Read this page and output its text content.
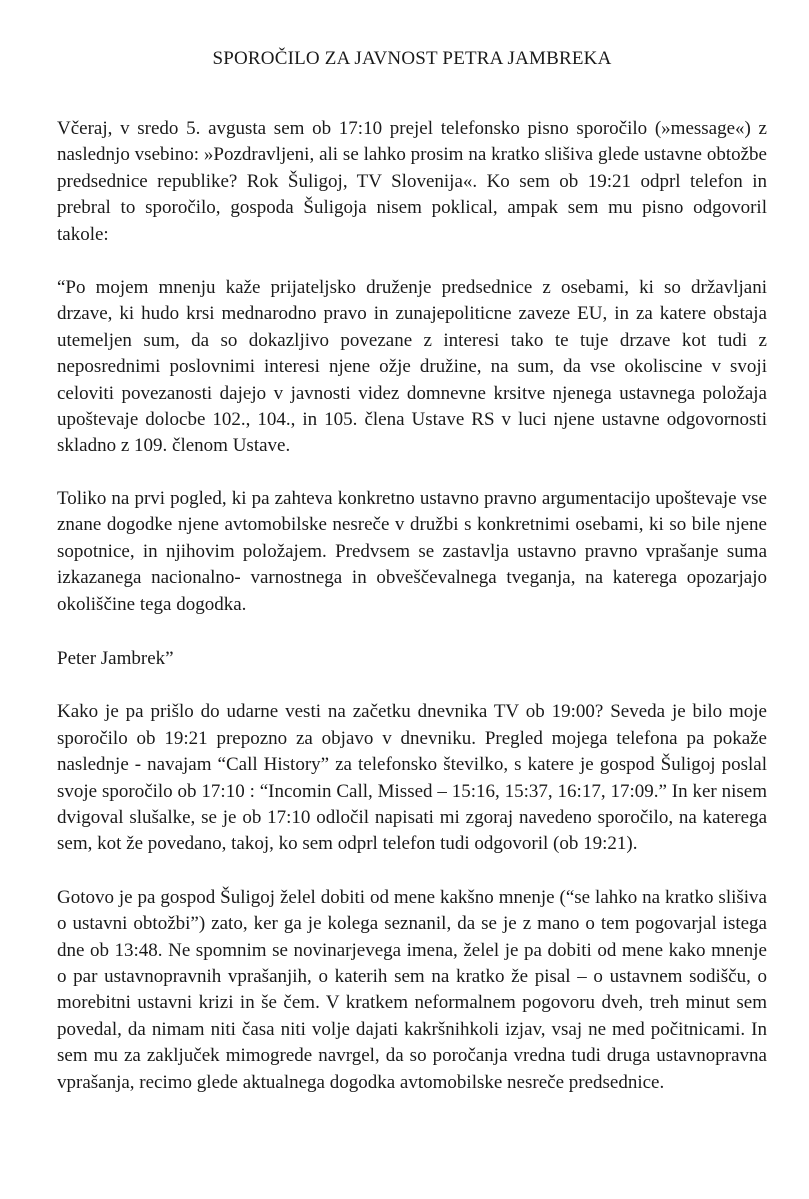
SPOROČILO ZA JAVNOST PETRA JAMBREKA

Včeraj, v sredo 5. avgusta sem ob 17:10 prejel telefonsko pisno sporočilo (»message«) z naslednjo vsebino: »Pozdravljeni, ali se lahko prosim na kratko slišiva glede ustavne obtožbe predsednice republike? Rok Šuligoj, TV Slovenija«. Ko sem ob 19:21 odprl telefon in prebral to sporočilo, gospoda Šuligoja nisem poklical, ampak sem mu pisno odgovoril takole:

“Po mojem mnenju kaže prijateljsko druženje predsednice z osebami, ki so državljani drzave, ki hudo krsi mednarodno pravo in zunajepoliticne zaveze EU, in za katere obstaja utemeljen sum, da so dokazljivo povezane z interesi tako te tuje drzave kot tudi z neposrednimi poslovnimi interesi njene ožje družine, na sum, da vse okoliscine v svoji celoviti povezanosti dajejo v javnosti videz domnevne krsitve njenega ustavnega položaja upoštevaje dolocbe 102., 104., in 105. člena Ustave RS v luci njene ustavne odgovornosti skladno z 109. členom Ustave.

Toliko na prvi pogled, ki pa zahteva konkretno ustavno pravno argumentacijo upoštevaje vse znane dogodke njene avtomobilske nesreče v družbi s konkretnimi osebami, ki so bile njene sopotnice, in njihovim položajem. Predvsem se zastavlja ustavno pravno vprašanje suma izkazanega nacionalno- varnostnega in obveščevalnega tveganja, na katerega opozarjajo okoliščine tega dogodka.

Peter Jambrek”

Kako je pa prišlo do udarne vesti na začetku dnevnika TV ob 19:00? Seveda je bilo moje sporočilo ob 19:21 prepozno za objavo v dnevniku. Pregled mojega telefona pa pokaže naslednje - navajam “Call History” za telefonsko številko, s katere je gospod Šuligoj poslal svoje sporočilo ob 17:10 : “Incomin Call, Missed – 15:16, 15:37, 16:17, 17:09.” In ker nisem dvigoval slušalke, se je ob 17:10 odločil napisati mi zgoraj navedeno sporočilo, na katerega sem, kot že povedano, takoj, ko sem odprl telefon tudi odgovoril (ob 19:21).

Gotovo je pa gospod Šuligoj želel dobiti od mene kakšno mnenje (“se lahko na kratko slišiva o ustavni obtožbi”) zato, ker ga je kolega seznanil, da se je z mano o tem pogovarjal istega dne ob 13:48. Ne spomnim se novinarjevega imena, želel je pa dobiti od mene kako mnenje o par ustavnopravnih vprašanjih, o katerih sem na kratko že pisal – o ustavnem sodišču, o morebitni ustavni krizi in še čem. V kratkem neformalnem pogovoru dveh, treh minut sem povedal, da nimam niti časa niti volje dajati kakršnihkoli izjav, vsaj ne med počitnicami. In sem mu za zaključek mimogrede navrgel, da so poročanja vredna tudi druga ustavnopravna vprašanja, recimo glede aktualnega dogodka avtomobilske nesreče predsednice.
